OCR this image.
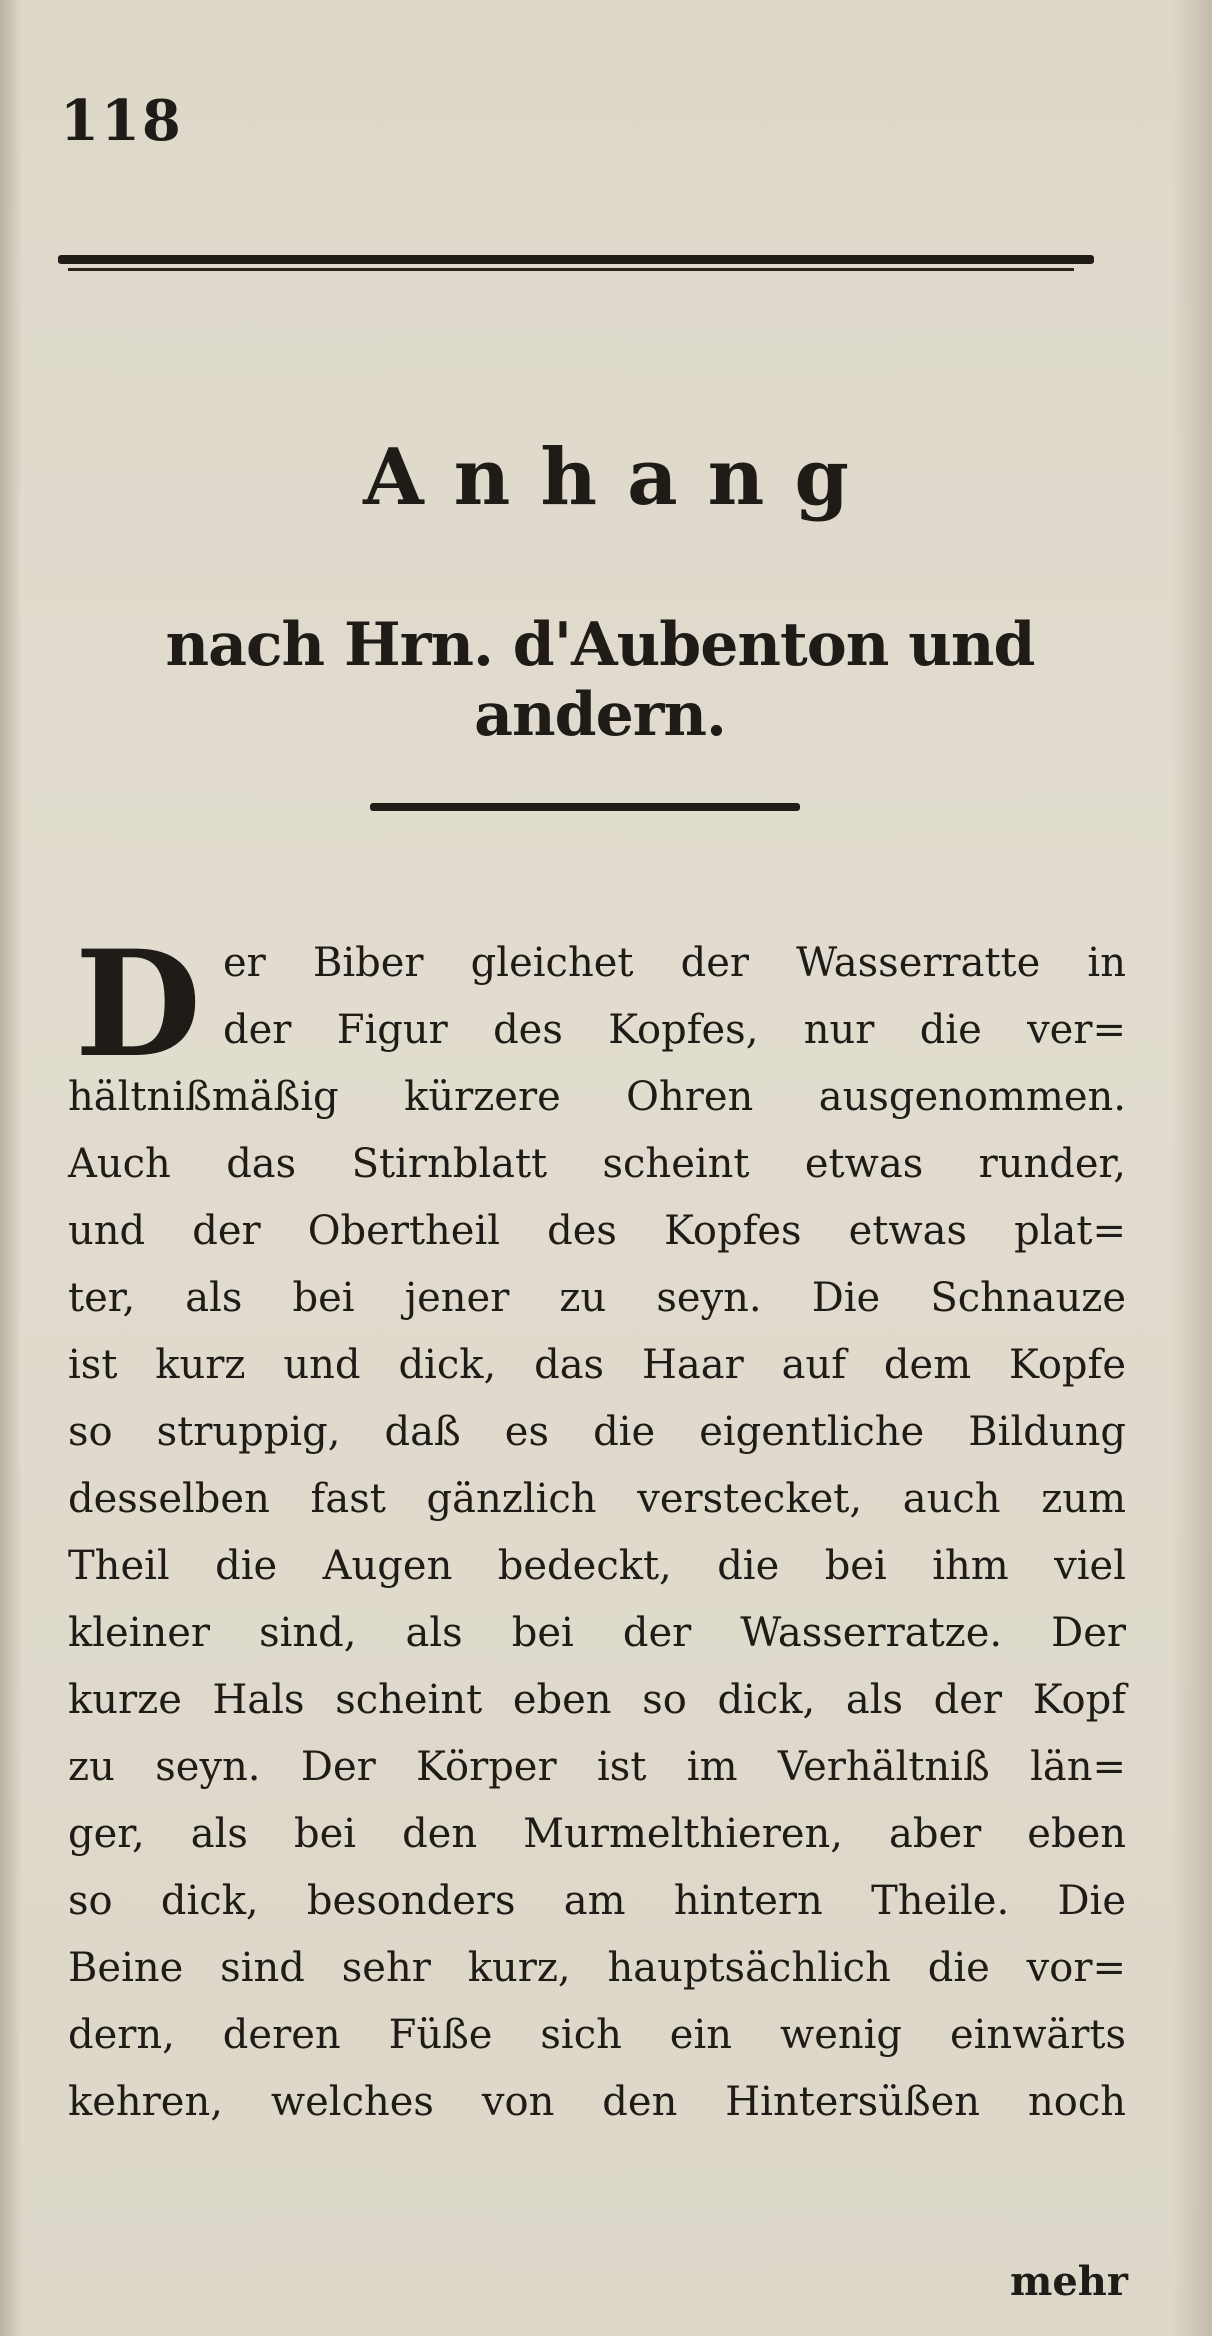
118
Anhang
nach Hrn. d'Aubenton und andern.
D er Biber gleichet der Wasserratte in
der Figur des Kopfes, nur die ver=
hältnißmäßig kürzere Ohren ausgenommen.
Auch das Stirnblatt scheint etwas runder,
und der Obertheil des Kopfes etwas plat=
ter, als bei jener zu seyn. Die Schnauze
ist kurz und dick, das Haar auf dem Kopfe
so struppig, daß es die eigentliche Bildung
desselben fast gänzlich verstecket, auch zum
Theil die Augen bedeckt, die bei ihm viel
kleiner sind, als bei der Wasserratze. Der
kurze Hals scheint eben so dick, als der Kopf
zu seyn. Der Körper ist im Verhältniß län=
ger, als bei den Murmelthieren, aber eben
so dick, besonders am hintern Theile. Die
Beine sind sehr kurz, hauptsächlich die vor=
dern, deren Füße sich ein wenig einwärts
kehren, welches von den Hintersüßen noch
mehr
